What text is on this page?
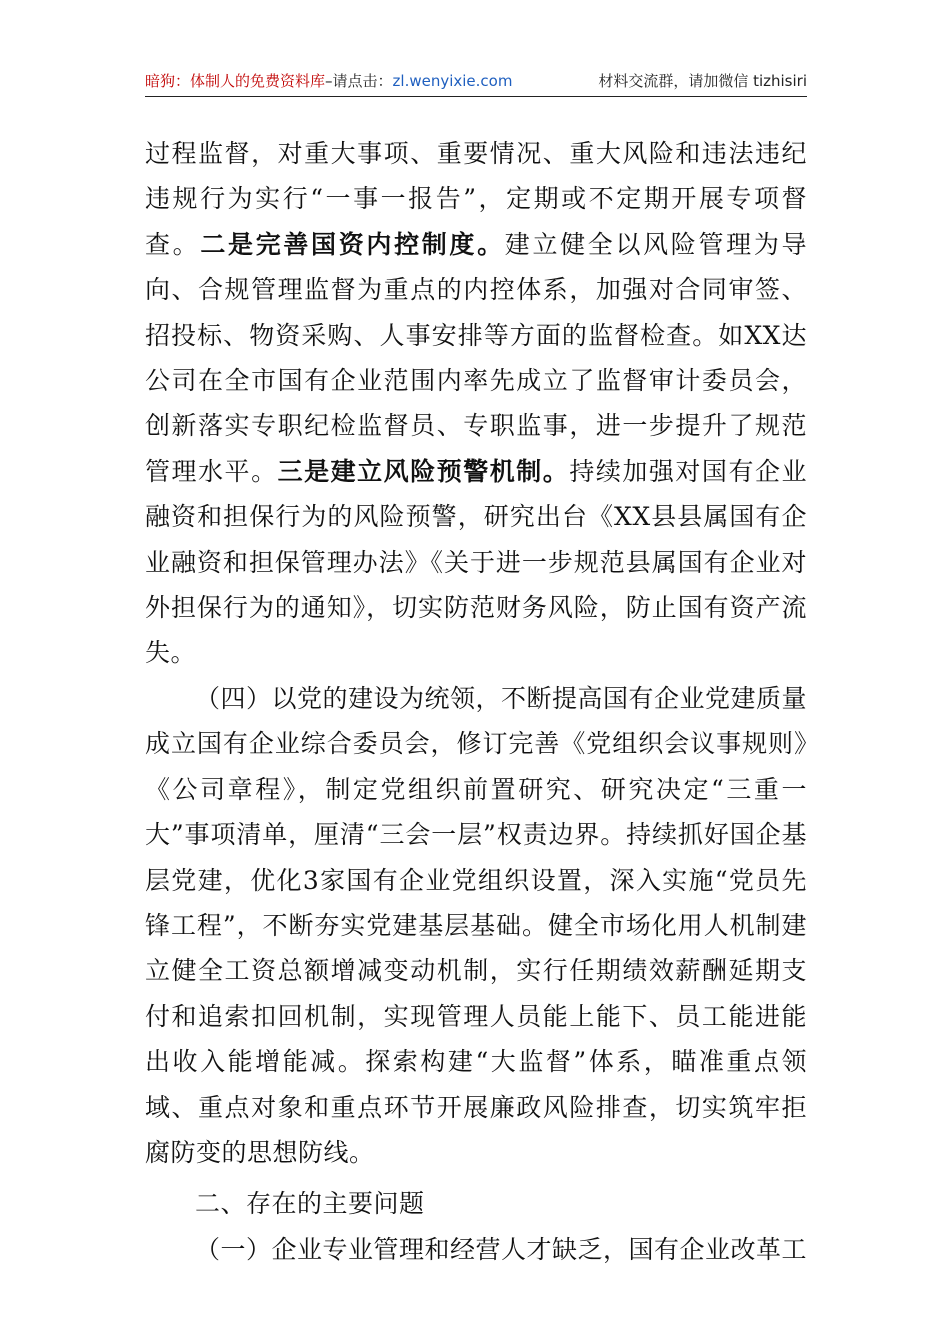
暗狗：体制人的免费资料库–请点击：zl.wenyixie.com	材料交流群，请加微信 tizhisiri

过程监督，对重大事项、重要情况、重大风险和违法违纪违规行为实行“一事一报告”，定期或不定期开展专项督查。二是完善国资内控制度。建立健全以风险管理为导向、合规管理监督为重点的内控体系，加强对合同审签、招投标、物资采购、人事安排等方面的监督检查。如XX达公司在全市国有企业范围内率先成立了监督审计委员会，创新落实专职纪检监督员、专职监事，进一步提升了规范管理水平。三是建立风险预警机制。持续加强对国有企业融资和担保行为的风险预警，研究出台《XX县县属国有企业融资和担保管理办法》《关于进一步规范县属国有企业对外担保行为的通知》，切实防范财务风险，防止国有资产流失。

（四）以党的建设为统领，不断提高国有企业党建质量

成立国有企业综合委员会，修订完善《党组织会议事规则》《公司章程》，制定党组织前置研究、研究决定“三重一大”事项清单，厘清“三会一层”权责边界。持续抓好国企基层党建，优化3家国有企业党组织设置，深入实施“党员先锋工程”，不断夯实党建基层基础。健全市场化用人机制建立健全工资总额增减变动机制，实行任期绩效薪酬延期支付和追索扣回机制，实现管理人员能上能下、员工能进能出收入能增能减。探索构建“大监督”体系，瞄准重点领域、重点对象和重点环节开展廉政风险排查，切实筑牢拒腐防变的思想防线。

二、存在的主要问题

（一）企业专业管理和经营人才缺乏，国有企业改革工
